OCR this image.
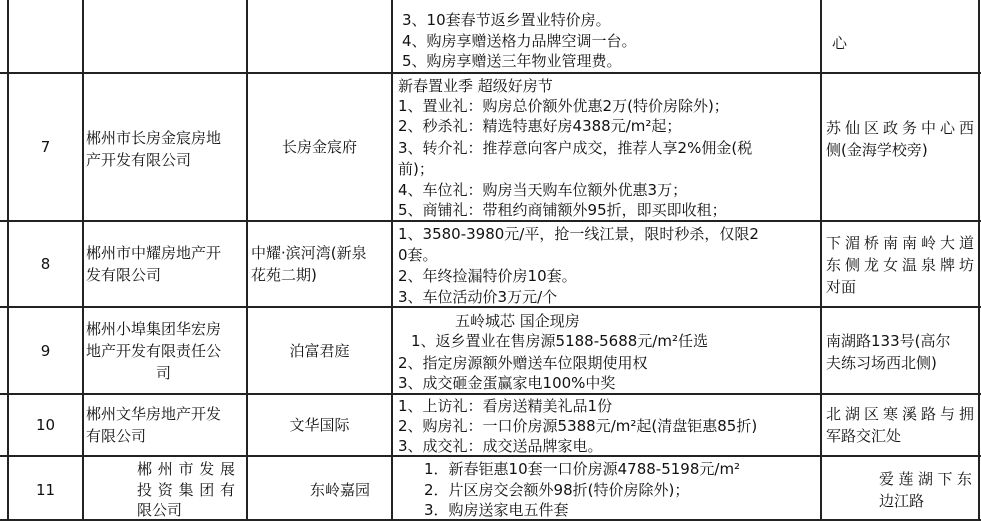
3、10套春节返乡置业特价房。
4、购房享赠送格力品牌空调一台。
5、购房享赠送三年物业管理费。
心
7	郴州市长房金宸房地
产开发有限公司
长房金宸府
新春置业季 超级好房节
1、置业礼：购房总价额外优惠2万(特价房除外)；
2、秒杀礼：精选特惠好房4388元/m²起；
3、转介礼：推荐意向客户成交，推荐人享2%佣金(税
前)；
4、车位礼：购房当天购车位额外优惠3万；
5、商铺礼：带租约商铺额外95折，即买即收租；
苏仙区政务中心西
侧(金海学校旁)
8
郴州市中耀房地产开
发有限公司
中耀·滨河湾(新泉
花苑二期)
1、3580-3980元/平，抢一线江景，限时秒杀，仅限2
0套。
2、年终捡漏特价房10套。
3、车位活动价3万元/个
下湄桥南南岭大道
东侧龙女温泉牌坊
对面
9
郴州小埠集团华宏房
地产开发有限责任公
司
泊富君庭
五岭城芯 国企现房
1、返乡置业在售房源5188-5688元/m²任选
2、指定房源额外赠送车位限期使用权
3、成交砸金蛋赢家电100%中奖
南湖路133号(高尔
夫练习场西北侧)
10
郴州文华房地产开发
有限公司
文华国际
1、上访礼：看房送精美礼品1份
2、购房礼：一口价房源5388元/m²起(清盘钜惠85折)
3、成交礼：成交送品牌家电。
北湖区寒溪路与拥
军路交汇处
11
郴州市发展
投资集团有
限公司
东岭嘉园
1．新春钜惠10套一口价房源4788-5198元/m²
2．片区房交会额外98折(特价房除外)；
3．购房送家电五件套
爱莲湖下东
边江路
